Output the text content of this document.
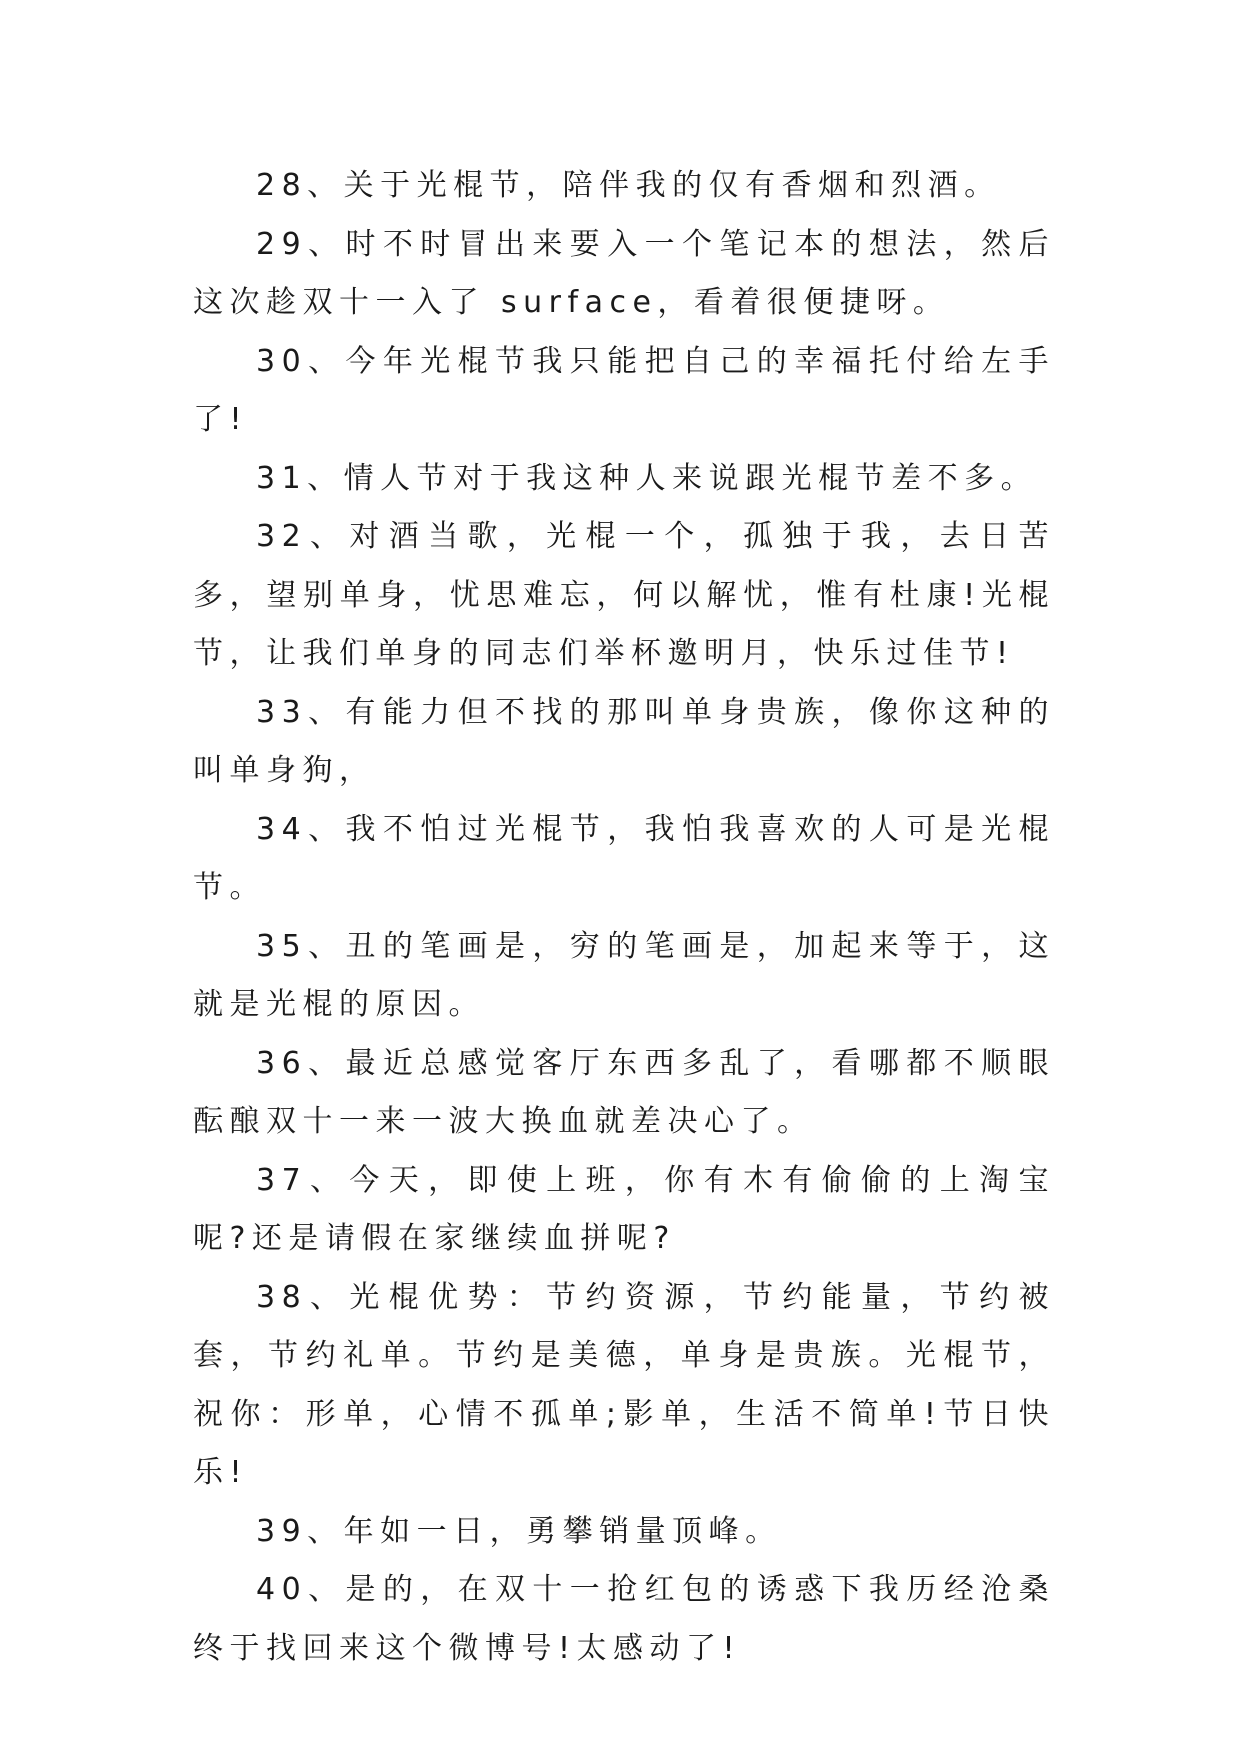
28、关于光棍节，陪伴我的仅有香烟和烈酒。

29、时不时冒出来要入一个笔记本的想法，然后这次趁双十一入了 surface，看着很便捷呀。

30、今年光棍节我只能把自己的幸福托付给左手了!

31、情人节对于我这种人来说跟光棍节差不多。

32、对酒当歌，光棍一个，孤独于我，去日苦多，望别单身，忧思难忘，何以解忧，惟有杜康!光棍节，让我们单身的同志们举杯邀明月，快乐过佳节!

33、有能力但不找的那叫单身贵族，像你这种的叫单身狗，

34、我不怕过光棍节，我怕我喜欢的人可是光棍节。

35、丑的笔画是，穷的笔画是，加起来等于，这就是光棍的原因。

36、最近总感觉客厅东西多乱了，看哪都不顺眼酝酿双十一来一波大换血就差决心了。

37、今天，即使上班，你有木有偷偷的上淘宝呢?还是请假在家继续血拼呢?

38、光棍优势：节约资源，节约能量，节约被套，节约礼单。节约是美德，单身是贵族。光棍节，祝你：形单，心情不孤单;影单，生活不简单!节日快乐!

39、年如一日，勇攀销量顶峰。

40、是的，在双十一抢红包的诱惑下我历经沧桑终于找回来这个微博号!太感动了!
